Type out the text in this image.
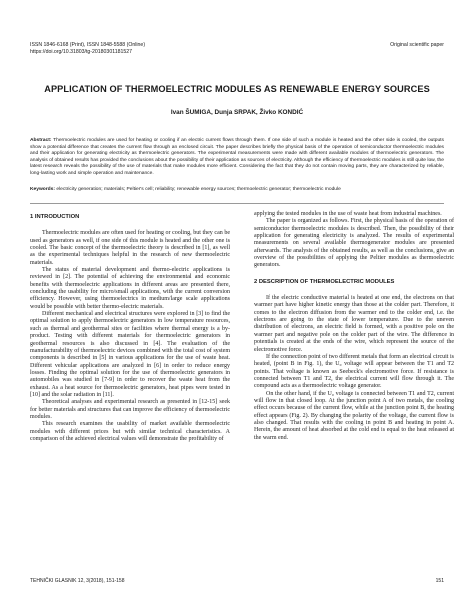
ISSN 1846-6168 (Print), ISSN 1848-5588 (Online)
https://doi.org/10.31803/tg-20180301181527
Original scientific paper
APPLICATION OF THERMOELECTRIC MODULES AS RENEWABLE ENERGY SOURCES
Ivan ŠUMIGA, Dunja SRPAK, Živko KONDIĆ
Abstract: Thermoelectric modules are used for heating or cooling if an electric current flows through them. If one side of such a module is heated and the other side is cooled, the outputs show a potential difference that creates the current flow through an enclosed circuit. The paper describes briefly the physical basis of the operation of semiconductor thermoelectric modules and their application for generating electricity as thermoelectric generators. The experimental measurements were made with different available modules of thermoelectric generators. The analysis of obtained results has provided the conclusions about the possibility of their application as sources of electricity. Although the efficiency of thermoelectric modules is still quite low, the latest research reveals the possibility of the use of materials that make modules more efficient. Considering the fact that they do not contain moving parts, they are characterized by reliable, long-lasting work and simple operation and maintenance.
Keywords: electricity generation; materials; Peltier's cell; reliability; renewable energy sources; thermoelectric generator; thermoelectric module
1 INTRODUCTION

Thermoelectric modules are often used for heating or cooling, but they can be used as generators as well, if one side of this module is heated and the other one is cooled. The basic concept of the thermoelectric theory is described in [1], as well as the experimental techniques helpful in the research of new thermoelectric materials.

The status of material development and thermo-electric applications is reviewed in [2]. The potential of achieving the environmental and economic benefits with thermoelectric applications in different areas are presented there, concluding the usability for micro/small applications, with the current conversion efficiency. However, using thermoelectrics in medium/large scale applications would be possible with better thermo-electric materials.

Different mechanical and electrical structures were explored in [3] to find the optimal solution to apply thermoelectric generators in low temperature resources, such as thermal and geothermal sites or facilities where thermal energy is a by-product. Testing with different materials for thermoelectric generators in geothermal resources is also discussed in [4]. The evaluation of the manufacturability of thermoelectric devices combined with the total cost of system components is described in [5] in various applications for the use of waste heat. Different vehicular applications are analyzed in [6] in order to reduce energy losses. Finding the optimal solution for the use of thermoelectric generators in automobiles was studied in [7-9] in order to recover the waste heat from the exhaust. As a heat source for thermoelectric generators, heat pipes were tested in [10] and the solar radiation in [11].

Theoretical analyses and experimental research as presented in [12-15] seek for better materials and structures that can improve the efficiency of thermoelectric modules.

This research examines the usability of market available thermoelectric modules with different prices but with similar technical characteristics. A comparison of the achieved electrical values will demonstrate the profitability of

applying the tested modules in the use of waste heat from industrial machines.

The paper is organized as follows. First, the physical basis of the operation of semiconductor thermoelectric modules is described. Then, the possibility of their application for generating electricity is analyzed. The results of experimental measurements on several available thermogenerator modules are presented afterwards. The analysis of the obtained results, as well as the conclusions, give an overview of the possibilities of applying the Peltier modules as thermoelectric generators.

2 DESCRIPTION OF THERMOELECTRIC MODULES

If the electric conductive material is heated at one end, the electrons on that warmer part have higher kinetic energy than those at the colder part. Therefore, it comes to the electron diffusion from the warmer end to the colder end, i.e. the electrons are going to the state of lower temperature. Due to the uneven distribution of electrons, an electric field is formed, with a positive pole on the warmer part and negative pole on the colder part of the wire. The difference in potentials is created at the ends of the wire, which represent the source of the electromotive force.

If the connection point of two different metals that form an electrical circuit is heated, (point B in Fig. 1), the U₀ voltage will appear between the T1 and T2 points. That voltage is known as Seebeck's electromotive force. If resistance is connected between T1 and T2, the electrical current will flow through it. The compound acts as a thermoelectric voltage generator.

On the other hand, if the U₀ voltage is connected between T1 and T2, current will flow in that closed loop. At the junction point A of two metals, the cooling effect occurs because of the current flow, while at the junction point B, the heating effect appears (Fig. 2). By changing the polarity of the voltage, the current flow is also changed. That results with the cooling in point B and heating in point A. Herein, the amount of heat absorbed at the cold end is equal to the heat released at the warm end.

TEHNIČKI GLASNIK 12, 3(2018), 151-158	151
